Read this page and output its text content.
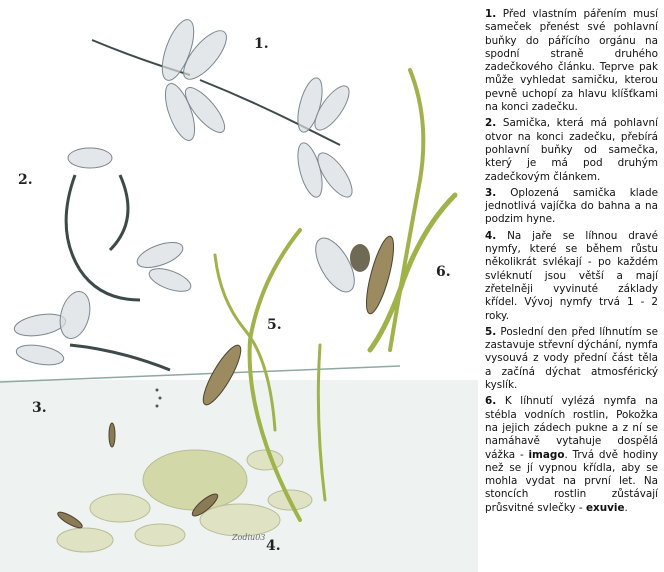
1.
2.
3.
4.
5.
6.
Zodiu03

1. Před vlastním pářením musí sameček přenést své pohlavní buňky do pářícího orgánu na spodní straně druhého zadečkového článku. Teprve pak může vyhledat samičku, kterou pevně uchopí za hlavu klíšťkami na konci zadečku.

2. Samička, která má pohlavní otvor na konci zadečku, přebírá pohlavní buňky od samečka, který je má pod druhým zadečkovým článkem.

3. Oplozená samička klade jednotlivá vajíčka do bahna a na podzim hyne.

4. Na jaře se líhnou dravé nymfy, které se během růstu několikrát svlékají - po každém svléknutí jsou větší a mají zřetelněji vyvinuté základy křídel. Vývoj nymfy trvá 1 - 2 roky.

5. Poslední den před líhnutím se zastavuje střevní dýchání, nymfa vysouvá z vody přední část těla a začíná dýchat atmosférický kyslík.

6. K líhnutí vylézá nymfa na stébla vodních rostlin, Pokožka na jejich zádech pukne a z ní se namáhavě vytahuje dospělá vážka - imago. Trvá dvě hodiny než se jí vypnou křídla, aby se mohla vydat na první let. Na stoncích rostlin zůstávají průsvitné svlečky - exuvie.
